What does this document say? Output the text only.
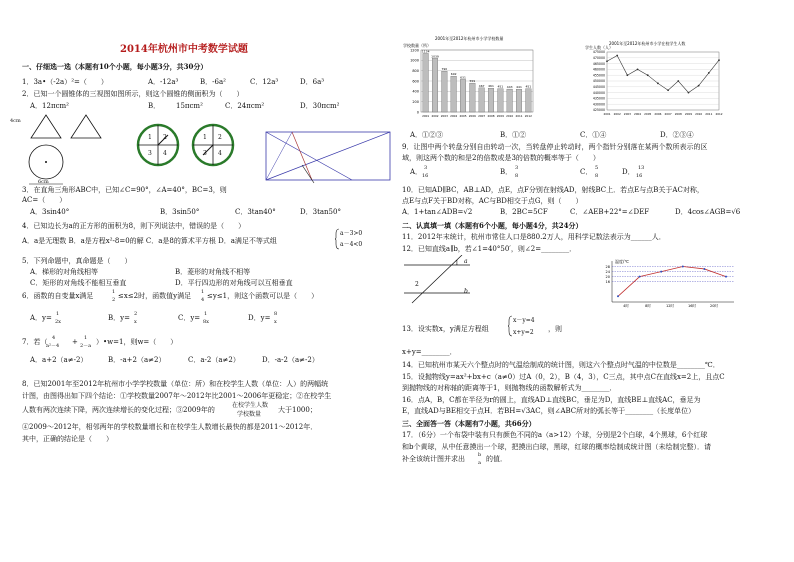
2014年杭州市中考数学试题
一、仔细选一选（本题有10个小题，每小题3分，共30分）
1．3a•（-2a）²=（　　）	A．-12a³	B．-6a²	C．12a³	D．6a³
2．已知一个圆锥体的三视图如图所示，则这个圆锥的侧面积为（　　）
A．12πcm²	B． 15πcm²	C．24πcm²	D．30πcm²
4cm
6cm
1 2
3 4
1 2
3 4
3．在直角三角形ABC中，已知∠C=90°，∠A=40°，BC=3，则
AC=（　　）
A．3sin40°	B．3sin50°	C．3tan40°	D．3tan50°
4．已知边长为a的正方形的面积为8，则下列说法中，错误的是（　　）
A．a是无理数 B．a是方程x²-8=0的解 C．a是8的算术平方根 D．a满足不等式组
a－3>0
a－4<0
5．下列命题中，真命题是（　　）
A．梯形的对角线相等	B．菱形的对角线不相等
C．矩形的对角线不能相互垂直	D．平行四边形的对角线可以互相垂直
6．函数的自变量x满足	1
2 ≤x≤2时，函数值y满足 1
4 ≤y≤1，则这个函数可以是（　　）
A．y= 1
2x	B．y= 2
x	C．y= 1
8x	D．y= 8
x
7．若（ 4
a²－4 + 1
2－a ）•w=1，则w=（　　）
A．a+2（a≠-2）	B．-a+2（a≠2）	C．a-2（a≠2）	D．-a-2（a≠-2）
8．已知2001年至2012年杭州市小学学校数量（单位：所）和在校学生人数（单位：人）的两幅统
计图，由图得出如下四个结论：①学校数量2007年～2012年比2001～2006年更稳定；②在校学生
人数有两次连续下降，两次连续增长的变化过程；③2009年的
在校学生人数
学校数量
大于1000；
④2009～2012年，相邻两年的学校数量增长和在校学生人数增长最快的都是2011～2012年．
其中，正确的结论是（　　）
2001年至2012年杭州市小学学校数量
学校数量（所）
0
200
400
600
800
1000
1200 1134
2001
1039
2002
790
2003
692
2004
631
2005
559
2006
467
2007
461
2008
451
2009
443
2010
441
2011
451
2012
2001年至2012年杭州市小学在校学生人数
学生人数（人）
425000
430000
435000
440000
445000
450000
455000
460000
465000
470000
475000
2001 2002 2003 2004 2005 2006 2007 2008 2009 2010 2011 2012
A．①②③	B．①②	C．①④	D．②③④
9．让图中两个转盘分别自由转动一次，当转盘停止转动时，两个指针分别落在某两个数所表示的区
域，则这两个数的和是2的倍数或是3的倍数的概率等于（　　）
A． 3
16	B． 3
8	C． 5
8	D． 13
16
10．已知AD∥BC，AB⊥AD，点E，点F分别在射线AD，射线BC上．若点E与点B关于AC对称，
点E与点F关于BD对称，AC与BD相交于点G，则（　　）
A．1+tan∠ADB=√2	B．2BC=5CF	C．∠AEB+22°=∠DEF	D．4cos∠AGB=√6
二、认真填一填（本题有6个小题，每小题4分，共24分）
11．2012年末统计，杭州市常住人口是880.2万人，用科学记数法表示为______人．
12．已知直线a∥b，若∠1=40°50′，则∠2=________．
1 a
2
b
温度/℃
28
24
20
16
4时	8时	12时	16时	20时
13．设实数x，y满足方程组
x－y=4
x+y=2 ，则
x+y=________．
14．已知杭州市某天六个整点时的气温绘制成的统计图，则这六个整点时气温的中位数是________℃．
15．设抛物线y=ax²+bx+c（a≠0）过A（0，2），B（4，3），C三点，其中点C在直线x=2上，且点C
到抛物线的对称轴的距离等于1，则抛物线的函数解析式为________．
16．点A，B，C都在半径为r的圆上，直线AD⊥直线BC，垂足为D，直线BE⊥直线AC，垂足为
E，直线AD与BE相交于点H．若BH=√3AC，则∠ABC所对的弧长等于________（长度单位）
三、全面答一答（本题有7小题，共66分）
17．（6分）一个布袋中装有只有颜色不同的a（a>12）个球，分别是2个白球，4个黑球，6个红球
和b个黄球，从中任意摸出一个球，把摸出白球，黑球，红球的概率绘制成统计图（未绘制完整）．请
补全该统计图并求出	b
a 的值．
